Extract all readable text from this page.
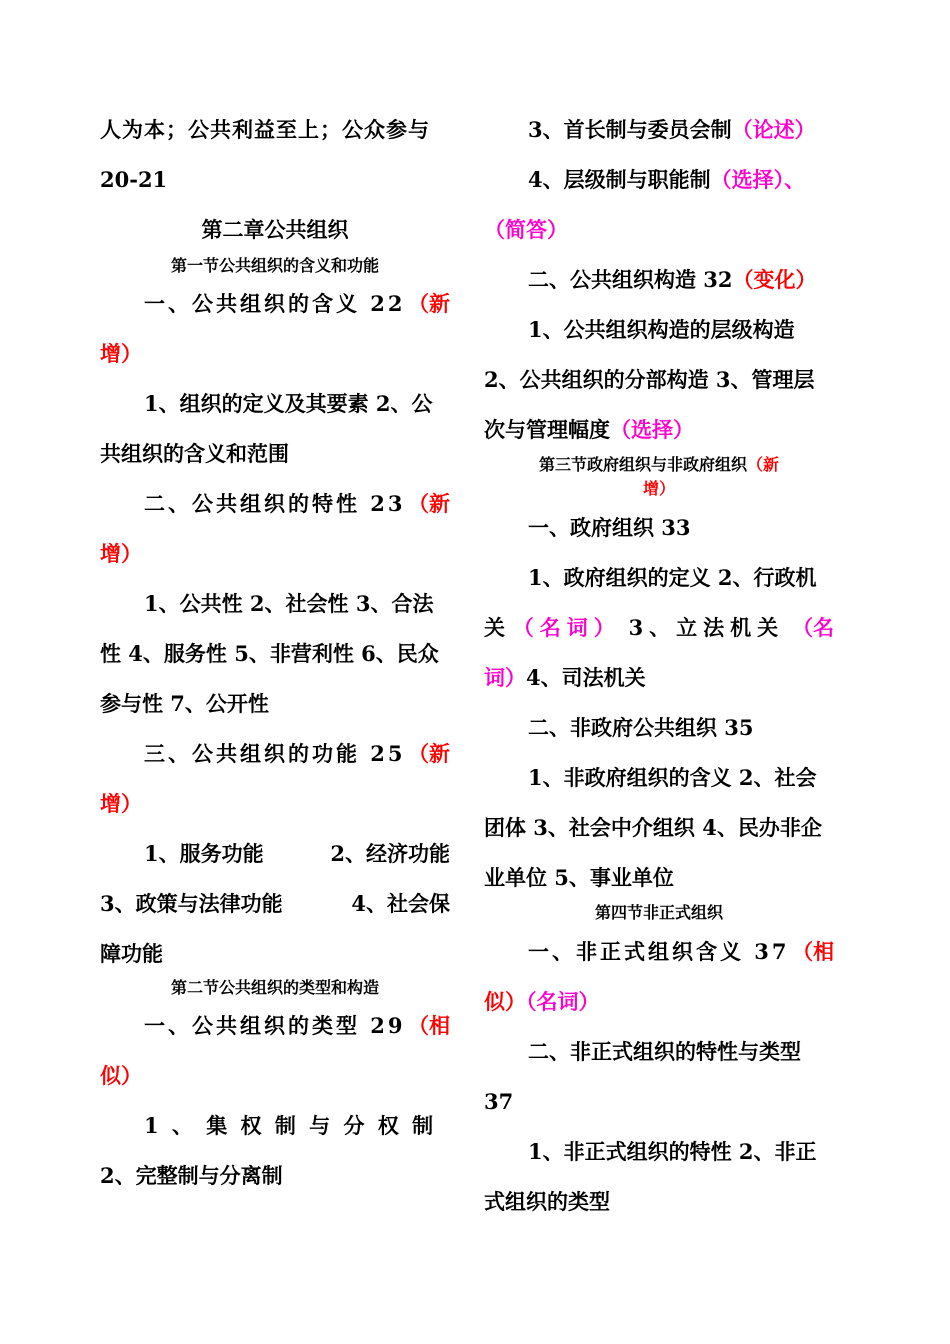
人为本；公共利益至上；公众参与
20-21
第二章公共组织
第一节公共组织的含义和功能
一、公共组织的含义 22 （新
增）
1、组织的定义及其要素 2、公
共组织的含义和范围
二、公共组织的特性 23 （新
增）
1、公共性 2、社会性 3、合法
性 4、服务性 5、非营利性 6、民众
参与性 7、公开性
三、公共组织的功能 25 （新
增）
1、服务功能	2、经济功能
3、政策与法律功能	4、社会保
障功能
第二节公共组织的类型和构造
一、公共组织的类型 29 （相
似）
1 、 集 权 制 与 分 权 制
2、完整制与分离制
3、首长制与委员会制（论述）
4、层级制与职能制（选择）、
（简答）
二、公共组织构造 32（变化）
1、公共组织构造的层级构造
2、公共组织的分部构造 3、管理层
次与管理幅度（选择）
第三节政府组织与非政府组织（新
增）
一、政府组织 33
1、政府组织的定义 2、行政机
关 （名词） 3、立法机关 （名
词）4、司法机关
二、非政府公共组织 35
1、非政府组织的含义 2、社会
团体 3、社会中介组织 4、民办非企
业单位 5、事业单位
第四节非正式组织
一、非正式组织含义 37 （相
似）（名词）
二、非正式组织的特性与类型
37
1、非正式组织的特性 2、非正
式组织的类型
